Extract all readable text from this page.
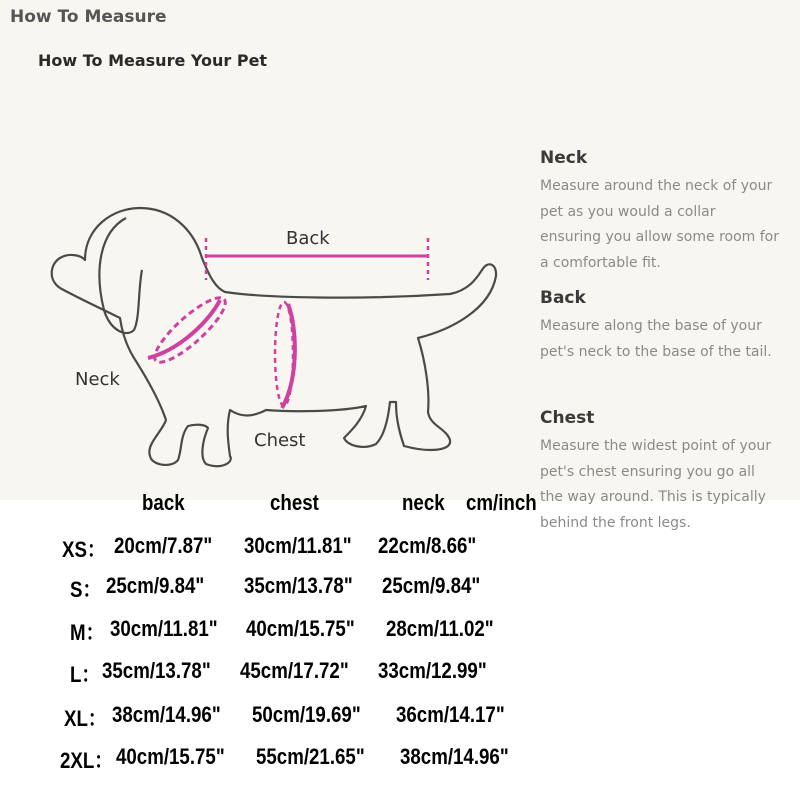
How To Measure
How To Measure Your Pet
Back
Neck
Chest
Neck
Measure around the neck of your pet as you would a collar ensuring you allow some room for a comfortable fit.
Back
Measure along the base of your pet's neck to the base of the tail.
Chest
Measure the widest point of your pet's chest ensuring you go all the way around. This is typically behind the front legs.
back	chest	neck cm/inch
XS： 20cm/7.87" 30cm/11.81" 22cm/8.66"
S： 25cm/9.84" 35cm/13.78" 25cm/9.84"
M： 30cm/11.81" 40cm/15.75" 28cm/11.02"
L： 35cm/13.78" 45cm/17.72" 33cm/12.99"
XL： 38cm/14.96" 50cm/19.69" 36cm/14.17"
2XL： 40cm/15.75" 55cm/21.65" 38cm/14.96"
